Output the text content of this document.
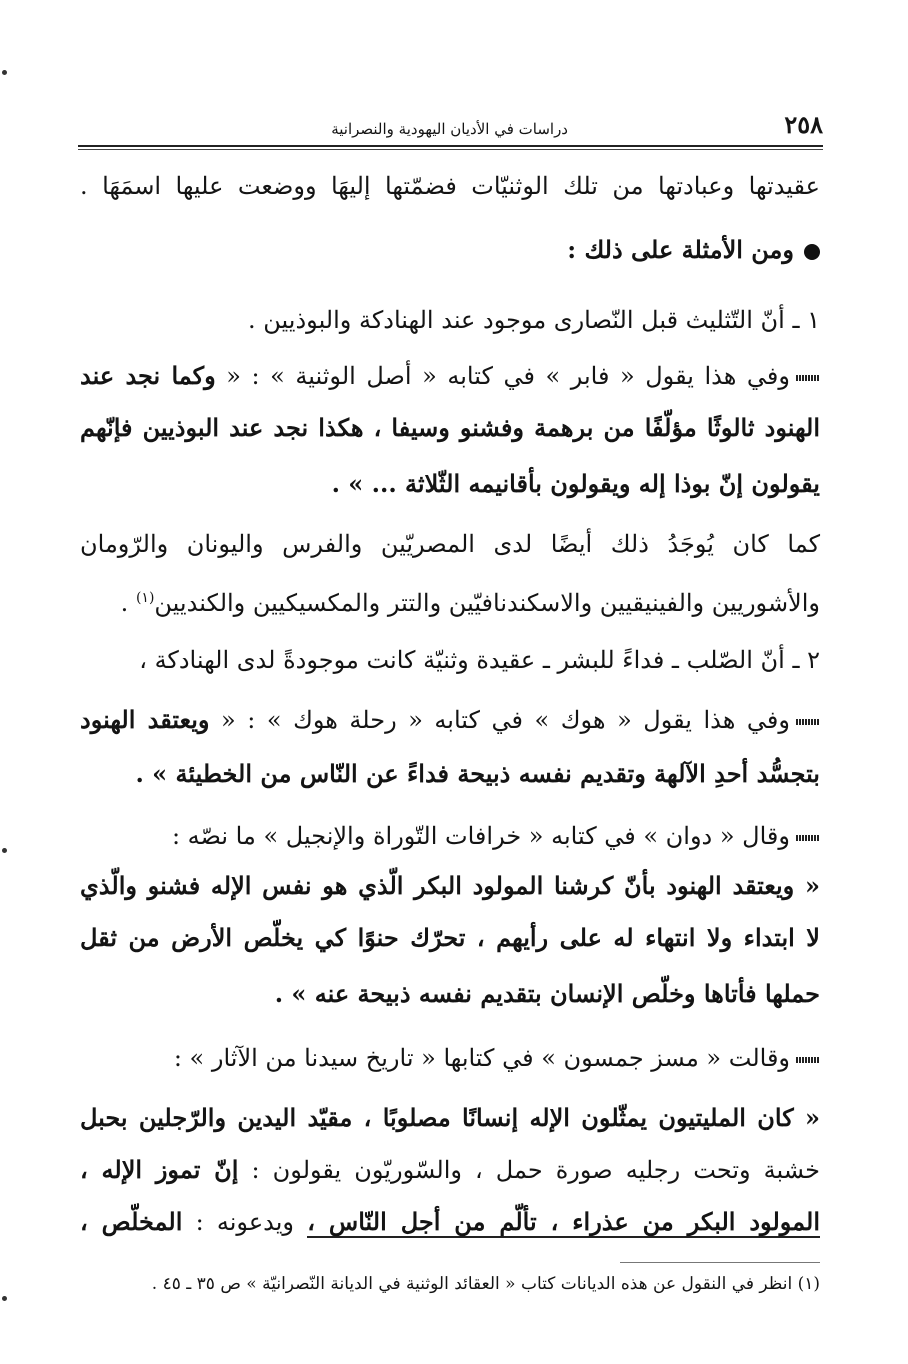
٢٥٨
دراسات في الأديان اليهودية والنصرانية
عقيدتها وعبادتها من تلك الوثنيّات فضمّتها إليهَا ووضعت عليها اسمَهَا .
ومن الأمثلة على ذلك :
١ ـ أنّ التّثليث قبل النّصارى موجود عند الهنادكة والبوذيين .
وفي هذا يقول « فابر » في كتابه « أصل الوثنية » : « وكما نجد عند
الهنود ثالوثًا مؤلّفًا من برهمة وفشنو وسيفا ، هكذا نجد عند البوذيين فإنّهم
يقولون إنّ بوذا إله ويقولون بأقانيمه الثّلاثة ... » .
كما كان يُوجَدُ ذلك أيضًا لدى المصريّين والفرس واليونان والرّومان
والأشوريين والفينيقيين والاسكندنافيّين والتتر والمكسيكيين والكنديين$^{(١)}$ .
٢ ـ أنّ الصّلب ـ فداءً للبشر ـ عقيدة وثنيّة كانت موجودةً لدى الهنادكة ،
وفي هذا يقول « هوك » في كتابه « رحلة هوك » : « ويعتقد الهنود
بتجسُّد أحدِ الآلهة وتقديم نفسه ذبيحة فداءً عن النّاس من الخطيئة » .
وقال « دوان » في كتابه « خرافات التّوراة والإنجيل » ما نصّه :
« ويعتقد الهنود بأنّ كرشنا المولود البكر الّذي هو نفس الإله فشنو والّذي
لا ابتداء ولا انتهاء له على رأيهم ، تحرّك حنوًا كي يخلّص الأرض من ثقل
حملها فأتاها وخلّص الإنسان بتقديم نفسه ذبيحة عنه » .
وقالت « مسز جمسون » في كتابها « تاريخ سيدنا من الآثار » :
« كان المليتيون يمثّلون الإله إنسانًا مصلوبًا ، مقيّد اليدين والرّجلين بحبل
خشبة وتحت رجليه صورة حمل ، والسّوريّون يقولون : إنّ تموز الإله ،
المولود البكر من عذراء ، تألّم من أجل النّاس ، ويدعونه : المخلّص ،
(١) انظر في النقول عن هذه الديانات كتاب « العقائد الوثنية في الديانة النّصرانيّة » ص ٣٥ ـ ٤٥ .
